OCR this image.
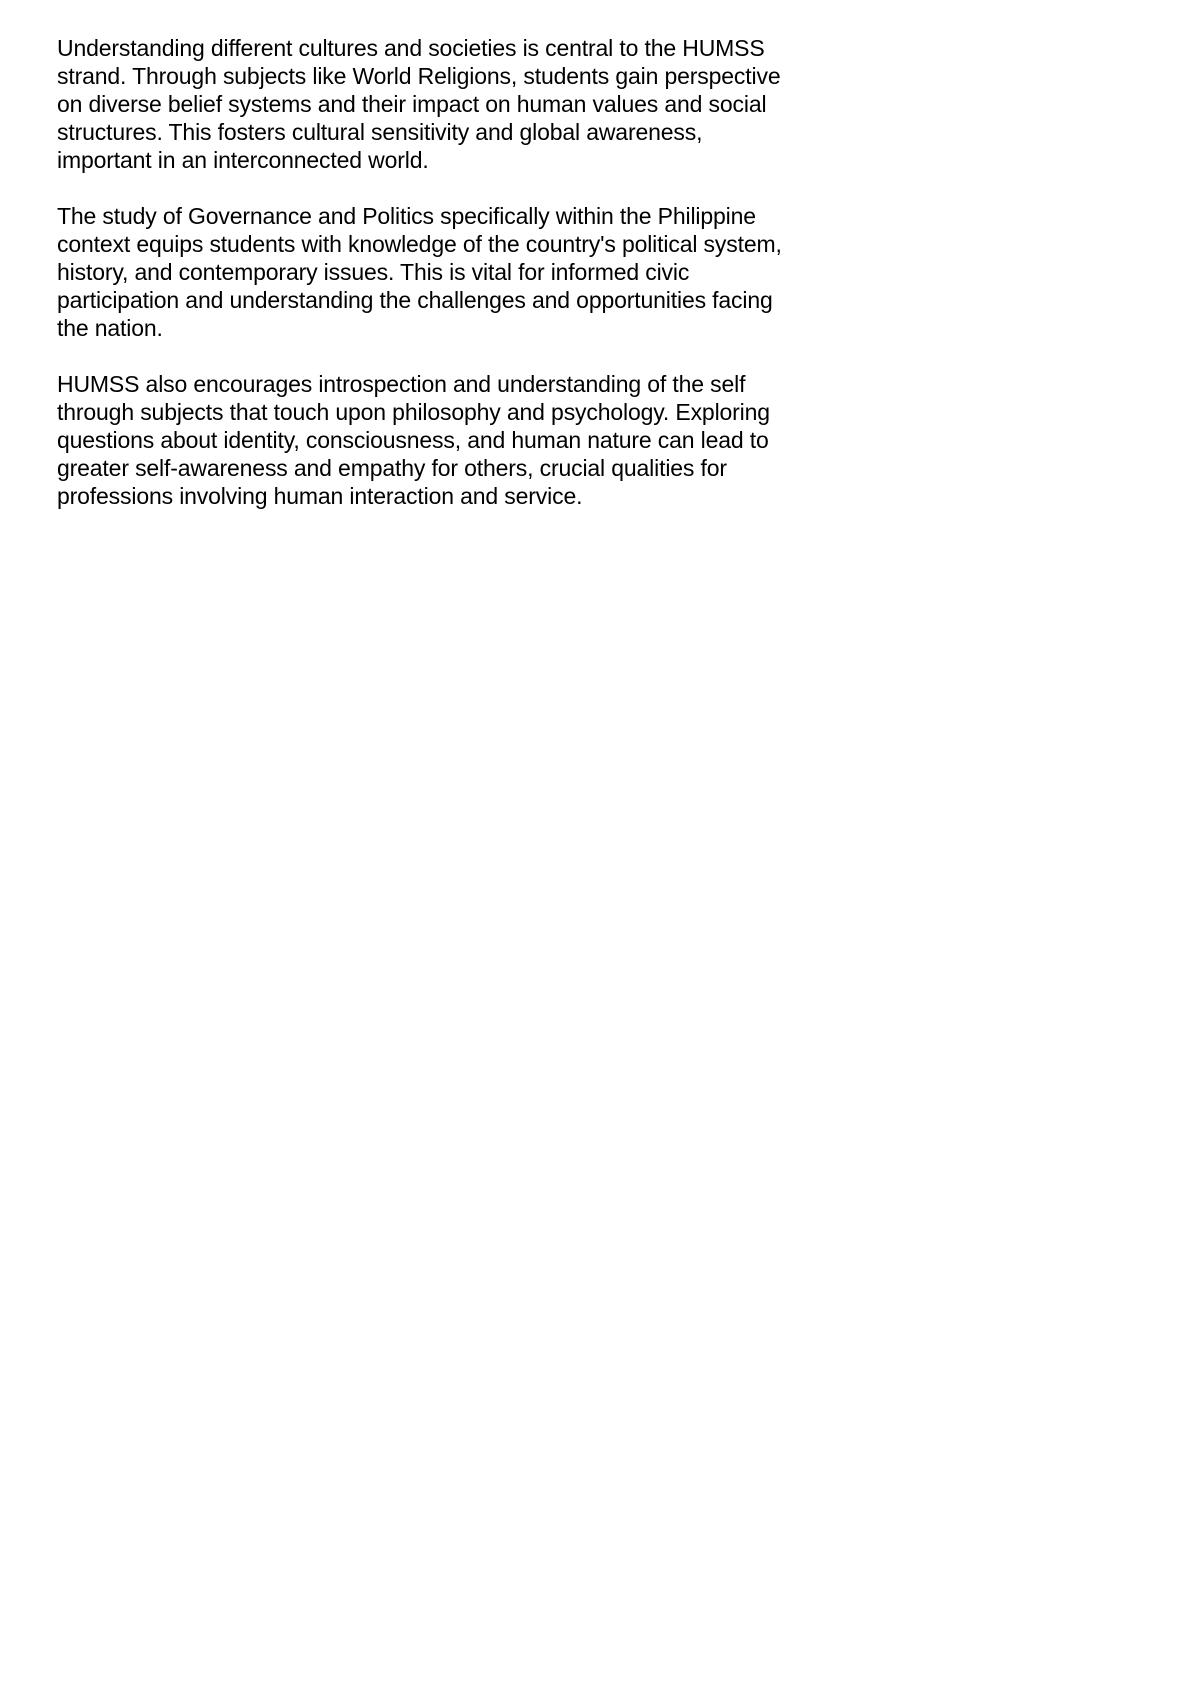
Understanding different cultures and societies is central to the HUMSS
strand. Through subjects like World Religions, students gain perspective
on diverse belief systems and their impact on human values and social
structures. This fosters cultural sensitivity and global awareness,
important in an interconnected world.

The study of Governance and Politics specifically within the Philippine
context equips students with knowledge of the country's political system,
history, and contemporary issues. This is vital for informed civic
participation and understanding the challenges and opportunities facing
the nation.

HUMSS also encourages introspection and understanding of the self
through subjects that touch upon philosophy and psychology. Exploring
questions about identity, consciousness, and human nature can lead to
greater self-awareness and empathy for others, crucial qualities for
professions involving human interaction and service.
